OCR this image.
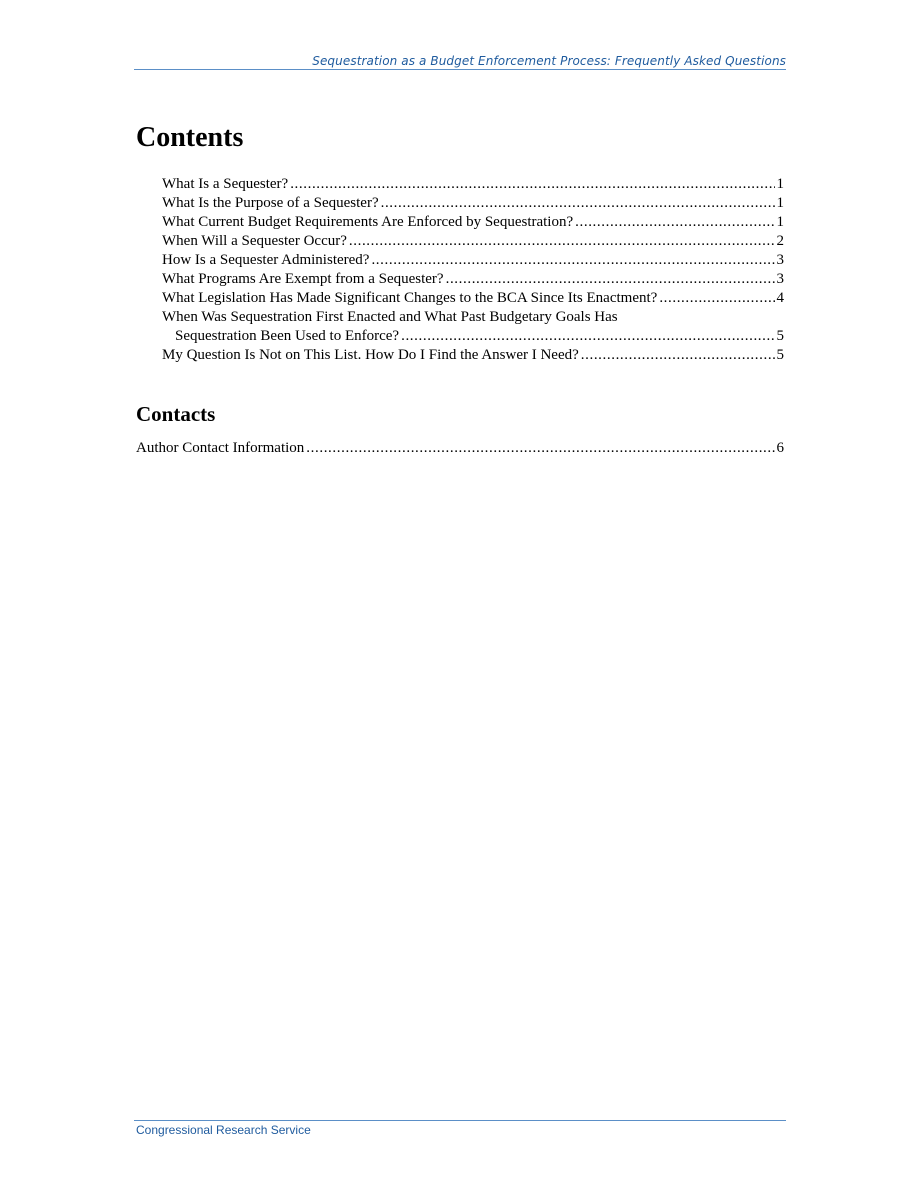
Sequestration as a Budget Enforcement Process: Frequently Asked Questions
Contents
What Is a Sequester? .....	1
What Is the Purpose of a Sequester? .....	1
What Current Budget Requirements Are Enforced by Sequestration? .....	1
When Will a Sequester Occur? .....	2
How Is a Sequester Administered? .....	3
What Programs Are Exempt from a Sequester? .....	3
What Legislation Has Made Significant Changes to the BCA Since Its Enactment? .....	4
When Was Sequestration First Enacted and What Past Budgetary Goals Has
Sequestration Been Used to Enforce? .....	5
My Question Is Not on This List. How Do I Find the Answer I Need? .....	5
Contacts
Author Contact Information .....	6
Congressional Research Service
